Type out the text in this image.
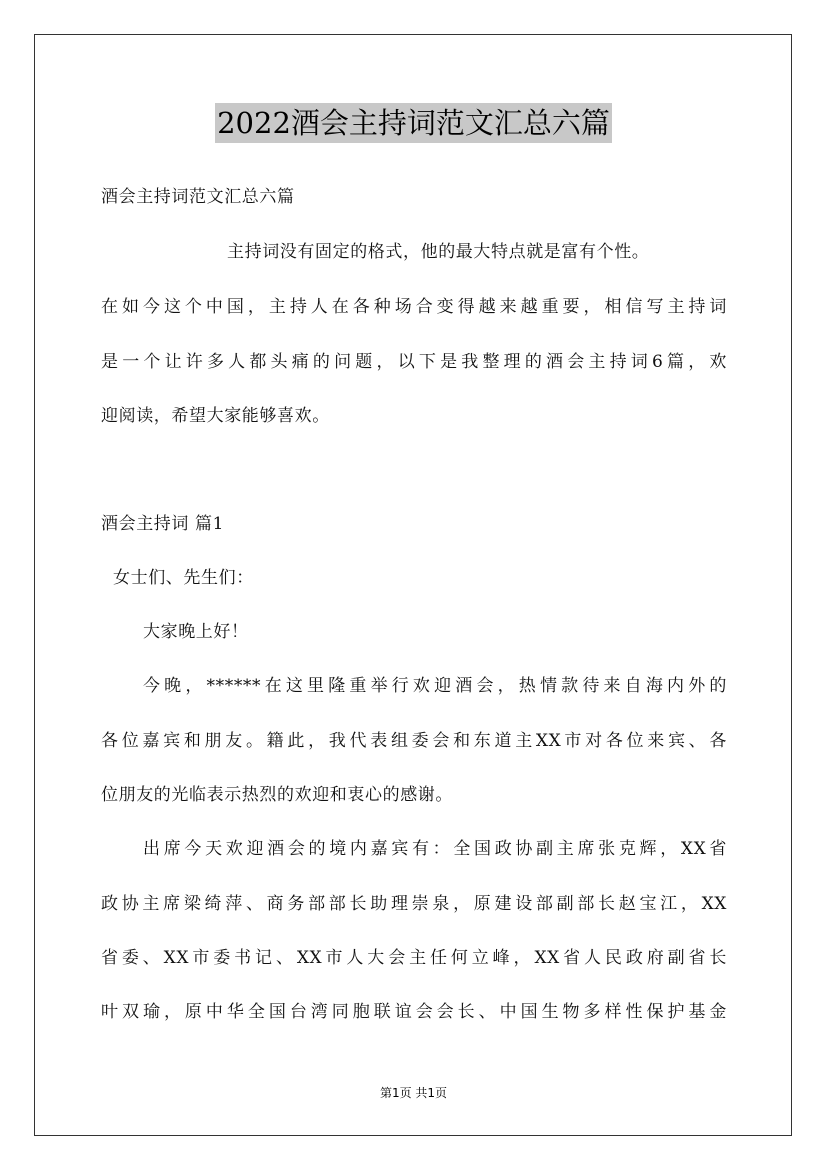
2022酒会主持词范文汇总六篇
酒会主持词范文汇总六篇
主持词没有固定的格式，他的最大特点就是富有个性。
在如今这个中国，主持人在各种场合变得越来越重要，相信写主持词
是一个让许多人都头痛的问题，以下是我整理的酒会主持词6篇，欢
迎阅读，希望大家能够喜欢。
酒会主持词 篇1
女士们、先生们：
大家晚上好！
今晚，******在这里隆重举行欢迎酒会，热情款待来自海内外的
各位嘉宾和朋友。籍此，我代表组委会和东道主XX市对各位来宾、各
位朋友的光临表示热烈的欢迎和衷心的感谢。
出席今天欢迎酒会的境内嘉宾有：全国政协副主席张克辉，XX省
政协主席梁绮萍、商务部部长助理崇泉，原建设部副部长赵宝江，XX
省委、XX市委书记、XX市人大会主任何立峰，XX省人民政府副省长
叶双瑜，原中华全国台湾同胞联谊会会长、中国生物多样性保护基金
第1页 共1页
